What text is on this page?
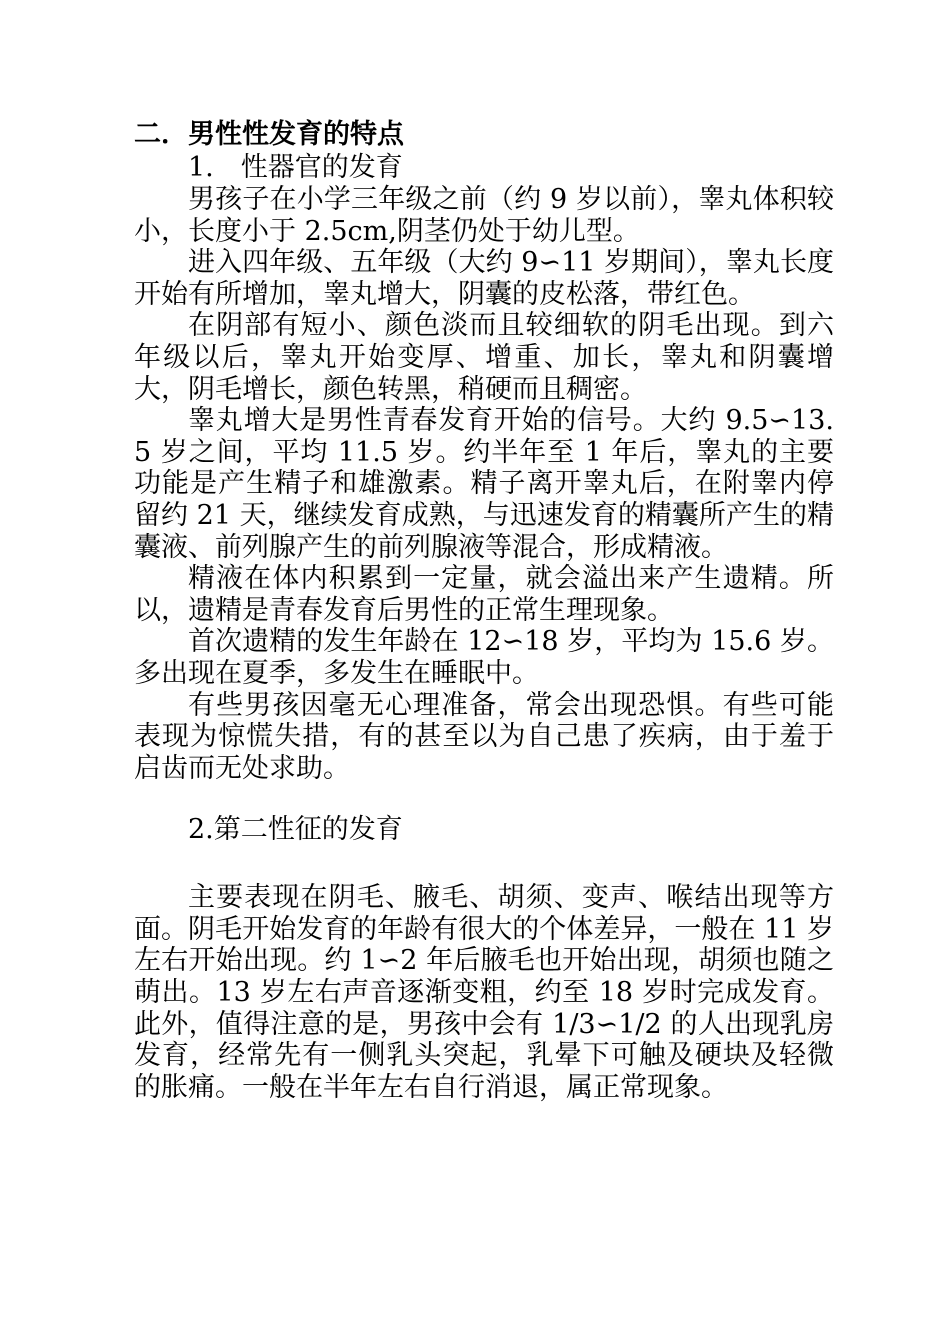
二．男性性发育的特点

1.　性器官的发育

男孩子在小学三年级之前（约 9 岁以前），睾丸体积较小，长度小于 2.5cm,阴茎仍处于幼儿型。

进入四年级、五年级（大约 9∽11 岁期间），睾丸长度开始有所增加，睾丸增大，阴囊的皮松落，带红色。

在阴部有短小、颜色淡而且较细软的阴毛出现。到六年级以后，睾丸开始变厚、增重、加长，睾丸和阴囊增大，阴毛增长，颜色转黑，稍硬而且稠密。

睾丸增大是男性青春发育开始的信号。大约 9.5∽13.5 岁之间，平均 11.5 岁。约半年至 1 年后，睾丸的主要功能是产生精子和雄激素。精子离开睾丸后，在附睾内停留约 21 天，继续发育成熟，与迅速发育的精囊所产生的精囊液、前列腺产生的前列腺液等混合，形成精液。

精液在体内积累到一定量，就会溢出来产生遗精。所以，遗精是青春发育后男性的正常生理现象。

首次遗精的发生年龄在 12∽18 岁，平均为 15.6 岁。多出现在夏季，多发生在睡眠中。

有些男孩因毫无心理准备，常会出现恐惧。有些可能表现为惊慌失措，有的甚至以为自己患了疾病，由于羞于启齿而无处求助。

2.第二性征的发育

主要表现在阴毛、腋毛、胡须、变声、喉结出现等方面。阴毛开始发育的年龄有很大的个体差异，一般在 11 岁左右开始出现。约 1∽2 年后腋毛也开始出现，胡须也随之萌出。13 岁左右声音逐渐变粗，约至 18 岁时完成发育。此外，值得注意的是，男孩中会有 1/3∽1/2 的人出现乳房发育，经常先有一侧乳头突起，乳晕下可触及硬块及轻微的胀痛。一般在半年左右自行消退，属正常现象。
